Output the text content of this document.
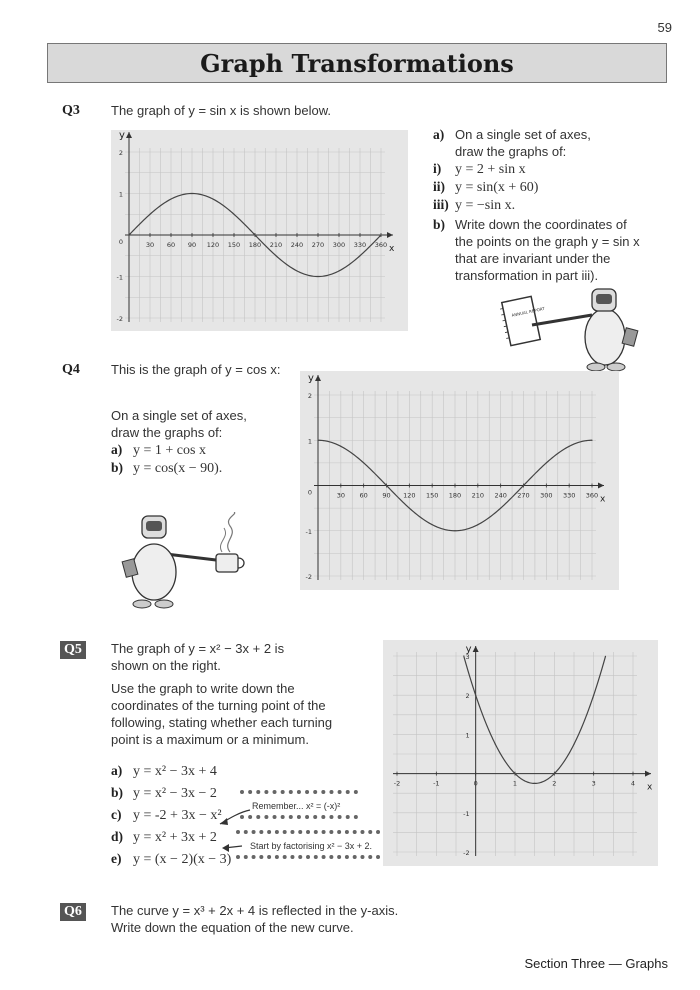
59
Graph Transformations
Q3 The graph of y = sin x is shown below.
x
y
30 60 90 120 150 180 210 240 270 300 330 360
2
1
0
-1
-2
a) On a single set of axes,
draw the graphs of:
i) y = 2 + sin x
ii) y = sin(x + 60)
iii) y = −sin x.
b) Write down the coordinates of
the points on the graph y = sin x
that are invariant under the
transformation in part iii).
ANNUAL REPORT
Q4 This is the graph of y = cos x:
On a single set of axes,
draw the graphs of:
a) y = 1 + cos x
b) y = cos(x − 90).
x
y
30 60 90 120 150 180 210 240 270 300 330 360
2
1
0
-1
-2
Q5	The graph of y = x² − 3x + 2 is
shown on the right.
Use the graph to write down the
coordinates of the turning point of the
following, stating whether each turning
point is a maximum or a minimum.
a) y = x² − 3x + 4
b) y = x² − 3x − 2
c) y = -2 + 3x − x²
d) y = x² + 3x + 2
e) y = (x − 2)(x − 3)
Remember... x² = (-x)²
Start by factorising x² − 3x + 2.
x
y
-2	-1	0	1	2	3	4
3
2
1
-1
-2
Q6	The curve y = x³ + 2x + 4 is reflected in the y-axis.
Write down the equation of the new curve.
Section Three — Graphs
